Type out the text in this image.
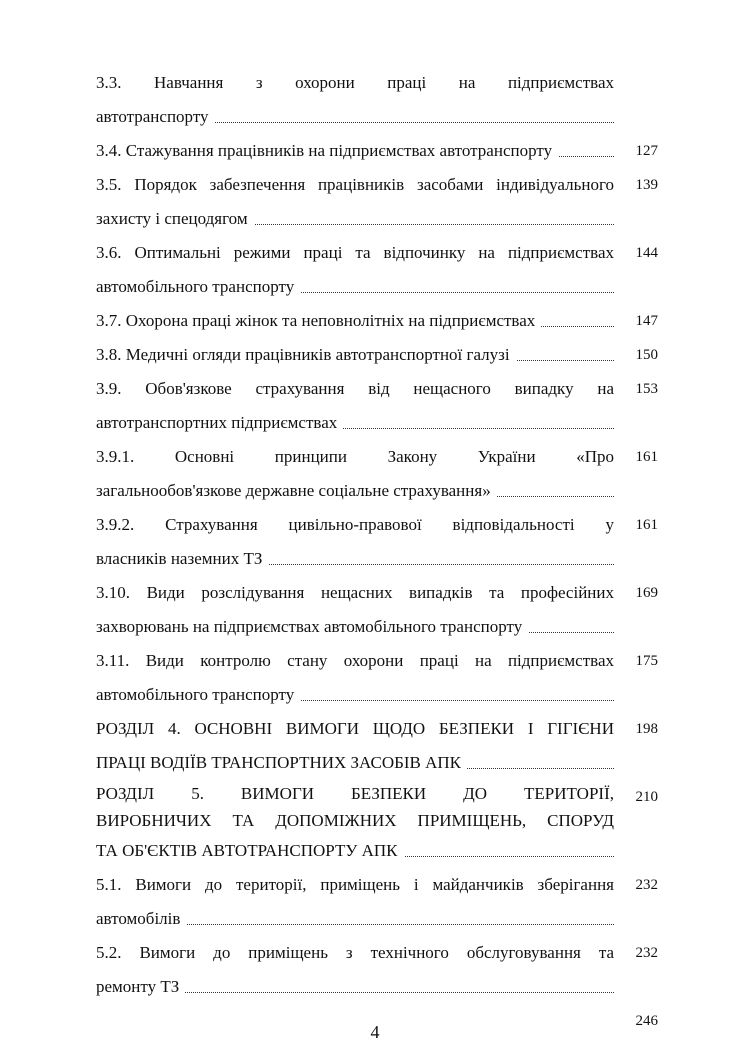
3.3. Навчання з охорони праці на підприємствах
автотранспорту
127
3.4. Стажування працівників на підприємствах автотранспорту
139
3.5. Порядок забезпечення працівників засобами індивідуального
захисту і спецодягом
144
3.6. Оптимальні режими праці та відпочинку на підприємствах
автомобільного транспорту
147
3.7. Охорона праці жінок та неповнолітніх на підприємствах
150
3.8. Медичні огляди працівників автотранспортної галузі
153
3.9. Обов'язкове страхування від нещасного випадку на
автотранспортних підприємствах
161
3.9.1. Основні принципи Закону України «Про
загальнообов'язкове державне соціальне страхування»
161
3.9.2. Страхування цивільно-правової відповідальності у
власників наземних ТЗ
169
3.10. Види розслідування нещасних випадків та професійних
захворювань на підприємствах автомобільного транспорту
175
3.11. Види контролю стану охорони праці на підприємствах
автомобільного транспорту
198
РОЗДІЛ 4. ОСНОВНІ ВИМОГИ ЩОДО БЕЗПЕКИ І ГІГІЄНИ
ПРАЦІ ВОДІЇВ ТРАНСПОРТНИХ ЗАСОБІВ АПК
210
РОЗДІЛ 5. ВИМОГИ БЕЗПЕКИ ДО ТЕРИТОРІЇ,
ВИРОБНИЧИХ ТА ДОПОМІЖНИХ ПРИМІЩЕНЬ, СПОРУД
ТА ОБ'ЄКТІВ АВТОТРАНСПОРТУ АПК
232
5.1. Вимоги до території, приміщень і майданчиків зберігання
автомобілів
232
5.2. Вимоги до приміщень з технічного обслуговування та
ремонту ТЗ
246
4
